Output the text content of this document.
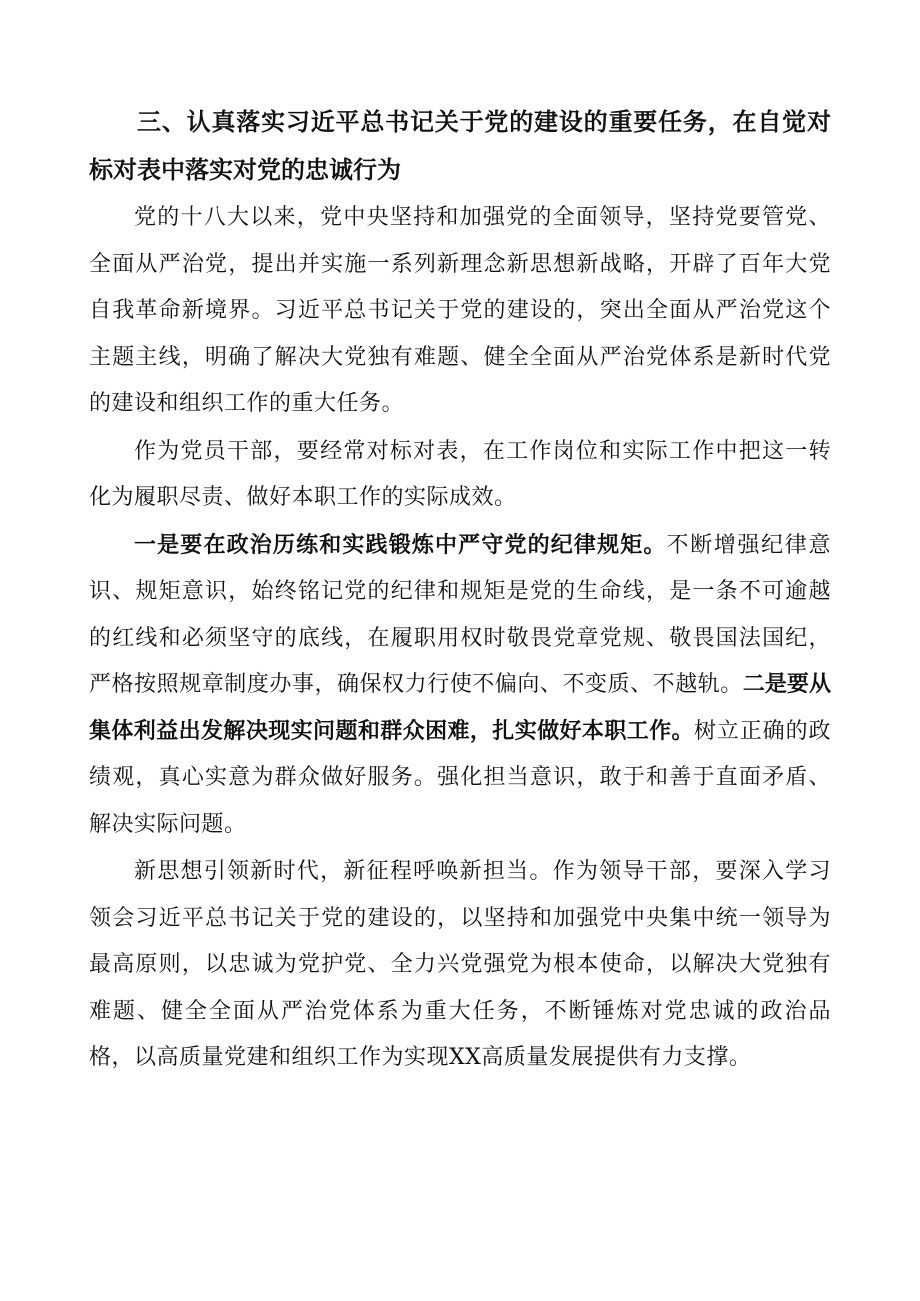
三、认真落实习近平总书记关于党的建设的重要任务，在自觉对标对表中落实对党的忠诚行为

党的十八大以来，党中央坚持和加强党的全面领导，坚持党要管党、全面从严治党，提出并实施一系列新理念新思想新战略，开辟了百年大党自我革命新境界。习近平总书记关于党的建设的，突出全面从严治党这个主题主线，明确了解决大党独有难题、健全全面从严治党体系是新时代党的建设和组织工作的重大任务。

作为党员干部，要经常对标对表，在工作岗位和实际工作中把这一转化为履职尽责、做好本职工作的实际成效。

一是要在政治历练和实践锻炼中严守党的纪律规矩。不断增强纪律意识、规矩意识，始终铭记党的纪律和规矩是党的生命线，是一条不可逾越的红线和必须坚守的底线，在履职用权时敬畏党章党规、敬畏国法国纪，严格按照规章制度办事，确保权力行使不偏向、不变质、不越轨。二是要从集体利益出发解决现实问题和群众困难，扎实做好本职工作。树立正确的政绩观，真心实意为群众做好服务。强化担当意识，敢于和善于直面矛盾、解决实际问题。

新思想引领新时代，新征程呼唤新担当。作为领导干部，要深入学习领会习近平总书记关于党的建设的，以坚持和加强党中央集中统一领导为最高原则，以忠诚为党护党、全力兴党强党为根本使命，以解决大党独有难题、健全全面从严治党体系为重大任务，不断锤炼对党忠诚的政治品格，以高质量党建和组织工作为实现XX高质量发展提供有力支撑。
